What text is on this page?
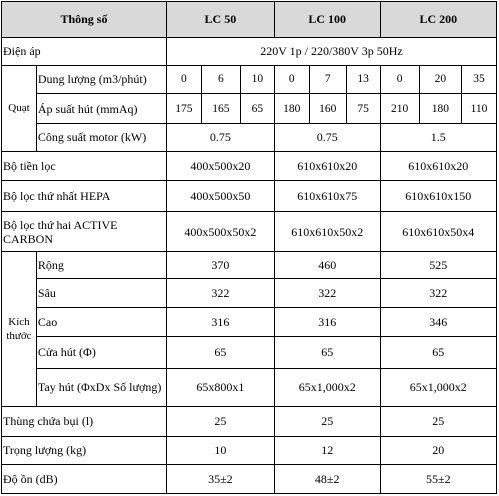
Thông số		LC 50			LC 100			LC 200		
Điện áp		220V 1p / 220/380V 3p 50Hz								
Quạt	Dung lượng (m3/phút)	0	6	10	0	7	13	0	20	35
	Áp suất hút (mmAq)	175	165	65	180	160	75	210	180	110
	Công suất motor (kW)	0.75			0.75			1.5		
Bộ tiền lọc		400x500x20			610x610x20			610x610x20		
Bộ lọc thứ nhất HEPA		400x500x50			610x610x75			610x610x150		
Bộ lọc thứ hai ACTIVE CARBON		400x500x50x2			610x610x50x2			610x610x50x4		
Kích thước	Rộng	370			460			525		
	Sâu	322			322			322		
	Cao	316			316			346		
	Cửa hút (Φ)	65			65			65		
	Tay hút (ΦxDx Số lượng)	65x800x1			65x1,000x2			65x1,000x2		
Thùng chứa bụi (l)		25			25			25		
Trọng lượng (kg)		10			12			20		
Độ ồn (dB)		35±2			48±2			55±2		
